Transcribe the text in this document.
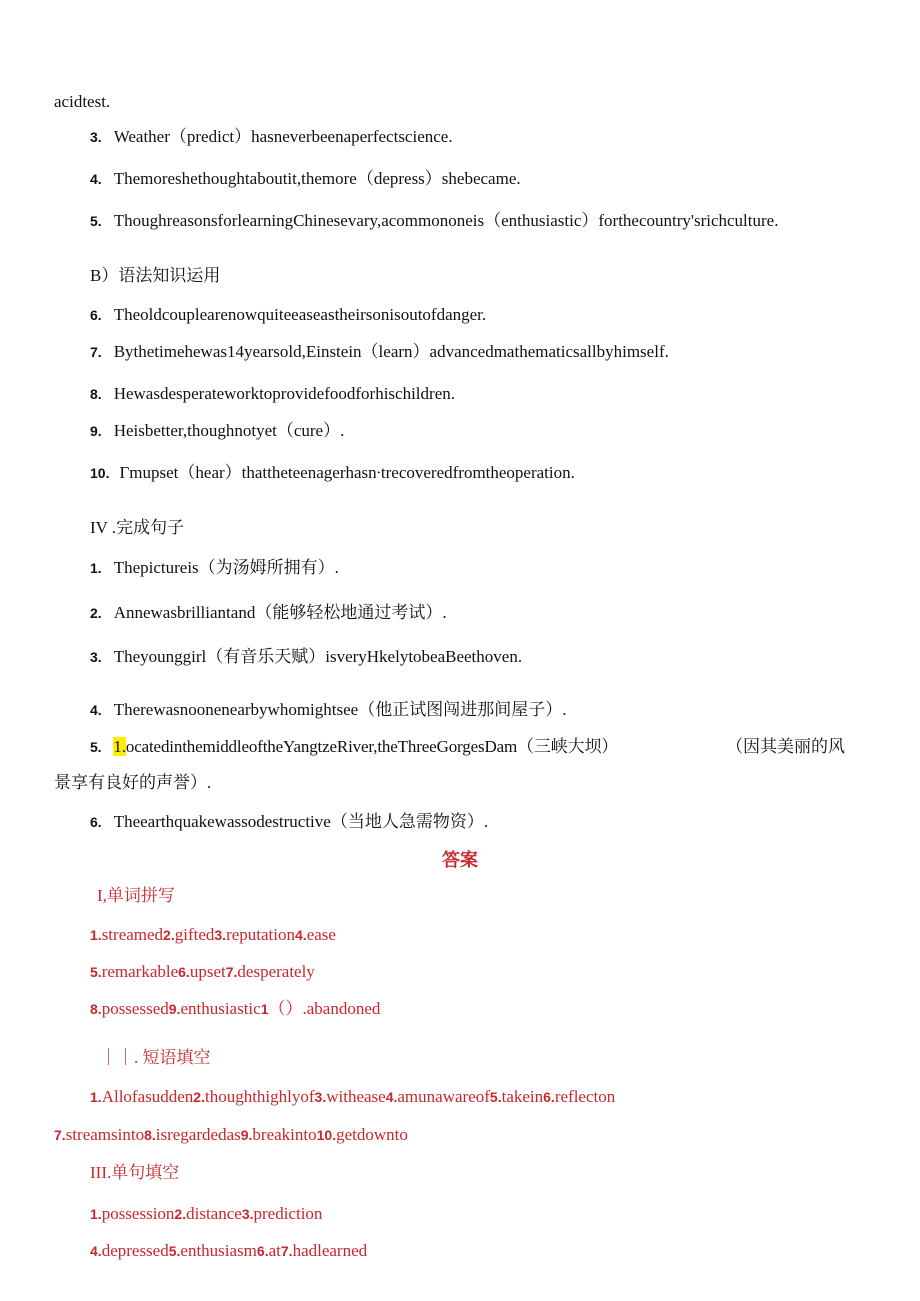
acidtest.
3. Weather（predict）hasneverbeenaperfectscience.
4. Themoreshethoughtaboutit,themore（depress）shebecame.
5. ThoughreasonsforlearningChinesevary,acommononeis（enthusiastic）forthecountry'srichculture.
B）语法知识运用
6. Theoldcouplearenowquiteeaseastheirsonisoutofdanger.
7. Bythetimehewas14yearsold,Einstein（learn）advancedmathematicsallbyhimself.
8. Hewasdesperateworktoprovidefoodforhischildren.
9. Heisbetter,thoughnotyet（cure）.
10. Γmupset（hear）thattheteenagerhasn∙trecoveredfromtheoperation.
IV .完成句子
1. Thepictureis（为汤姆所拥有）.
2. Annewasbrilliantand（能够轻松地通过考试）.
3. Theyounggirl（有音乐天赋）isveryHkelytobeaBeethoven.
4. Therewasnoonenearbywhomightsee（他正试图闯进那间屋子）.
5. 1.ocatedinthemiddleoftheYangtzeRiver,theThreeGorgesDam（三峡大坝）	（因其美丽的风
景享有良好的声誉）.
6. Theearthquakewassodestructive（当地人急需物资）.
答案
I,单词拼写
1.streamed2.gifted3.reputation4.ease
5.remarkable6.upset7.desperately
8.possessed9.enthusiastic1（）.abandoned
｜｜. 短语填空
1.Allofasudden2.thoughthighlyof3.withease4.amunawareof5.takein6.reflecton
7.streamsinto8.isregardedas9.breakinto10.getdownto
III.单句填空
1.possession2.distance3.prediction
4.depressed5.enthusiasm6.at7.hadlearned
